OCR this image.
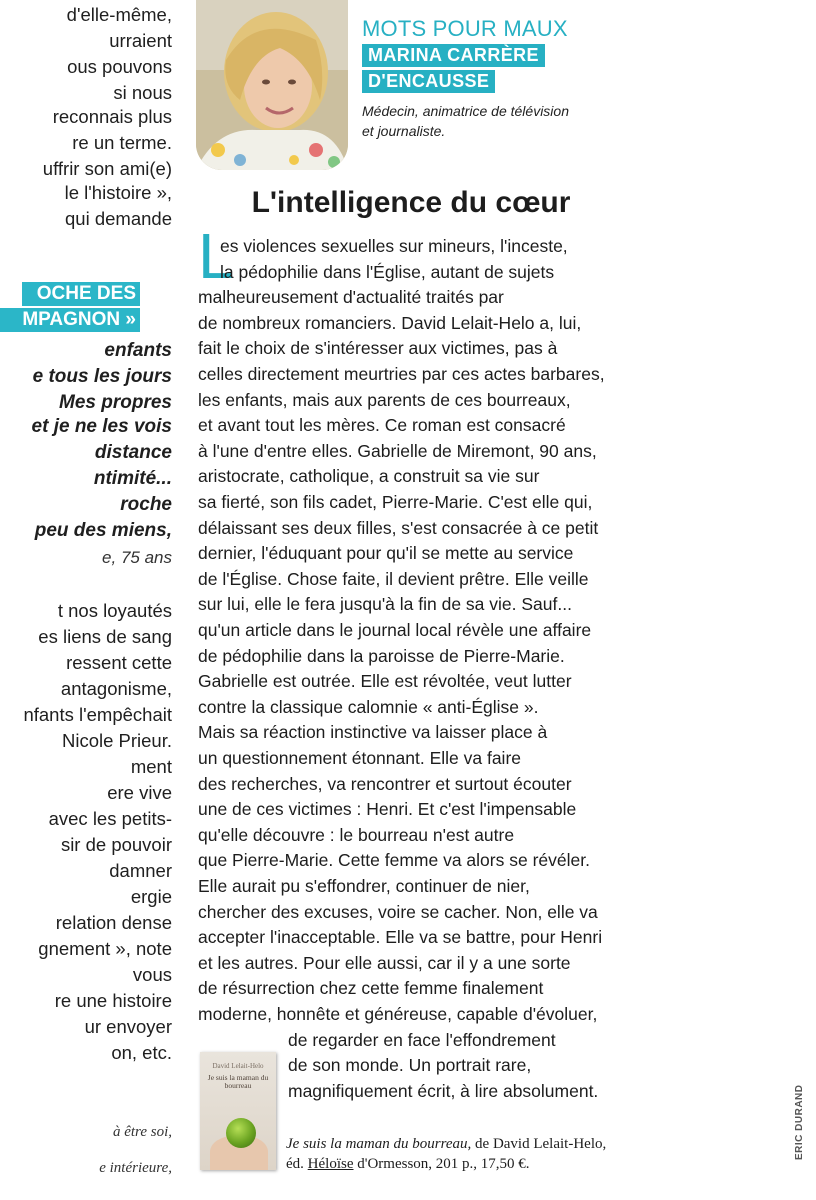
d'elle-même,
urraient
ous pouvons
si nous
reconnais plus
re un terme.
uffrir son ami(e)
le l'histoire »,
qui demande
enfants
e tous les jours
Mes propres
et je ne les vois
distance
ntimité...
roche
peu des miens,
e, 75 ans
t nos loyautés
es liens de sang
ressent cette
antagonisme,
nfants l'empêchait
Nicole Prieur.
ment
ere vive
avec les petits-
sir de pouvoir
damner
ergie
relation dense
gnement », note
vous
re une histoire
ur envoyer
on, etc.
à être soi,
e intérieure,
OCHE DES
MPAGNON »
MOTS POUR MAUX
MARINA CARRÈRE
D'ENCAUSSE
Médecin, animatrice de télévision
et journaliste.
L'intelligence du cœur
L
es violences sexuelles sur mineurs, l'inceste,
la pédophilie dans l'Église, autant de sujets
malheureusement d'actualité traités par
de nombreux romanciers. David Lelait-Helo a, lui,
fait le choix de s'intéresser aux victimes, pas à
celles directement meurtries par ces actes barbares,
les enfants, mais aux parents de ces bourreaux,
et avant tout les mères. Ce roman est consacré
à l'une d'entre elles. Gabrielle de Miremont, 90 ans,
aristocrate, catholique, a construit sa vie sur
sa fierté, son fils cadet, Pierre-Marie. C'est elle qui,
délaissant ses deux filles, s'est consacrée à ce petit
dernier, l'éduquant pour qu'il se mette au service
de l'Église. Chose faite, il devient prêtre. Elle veille
sur lui, elle le fera jusqu'à la fin de sa vie. Sauf...
qu'un article dans le journal local révèle une affaire
de pédophilie dans la paroisse de Pierre-Marie.
Gabrielle est outrée. Elle est révoltée, veut lutter
contre la classique calomnie « anti-Église ».
Mais sa réaction instinctive va laisser place à
un questionnement étonnant. Elle va faire
des recherches, va rencontrer et surtout écouter
une de ces victimes : Henri. Et c'est l'impensable
qu'elle découvre : le bourreau n'est autre
que Pierre-Marie. Cette femme va alors se révéler.
Elle aurait pu s'effondrer, continuer de nier,
chercher des excuses, voire se cacher. Non, elle va
accepter l'inacceptable. Elle va se battre, pour Henri
et les autres. Pour elle aussi, car il y a une sorte
de résurrection chez cette femme finalement
moderne, honnête et généreuse, capable d'évoluer,
de regarder en face l'effondrement
de son monde. Un portrait rare,
magnifiquement écrit, à lire absolument.
David Lelait-Helo
Je suis la maman du bourreau
Je suis la maman du bourreau, de David Lelait-Helo,
éd. Héloïse d'Ormesson, 201 p., 17,50 €.
ERIC DURAND
